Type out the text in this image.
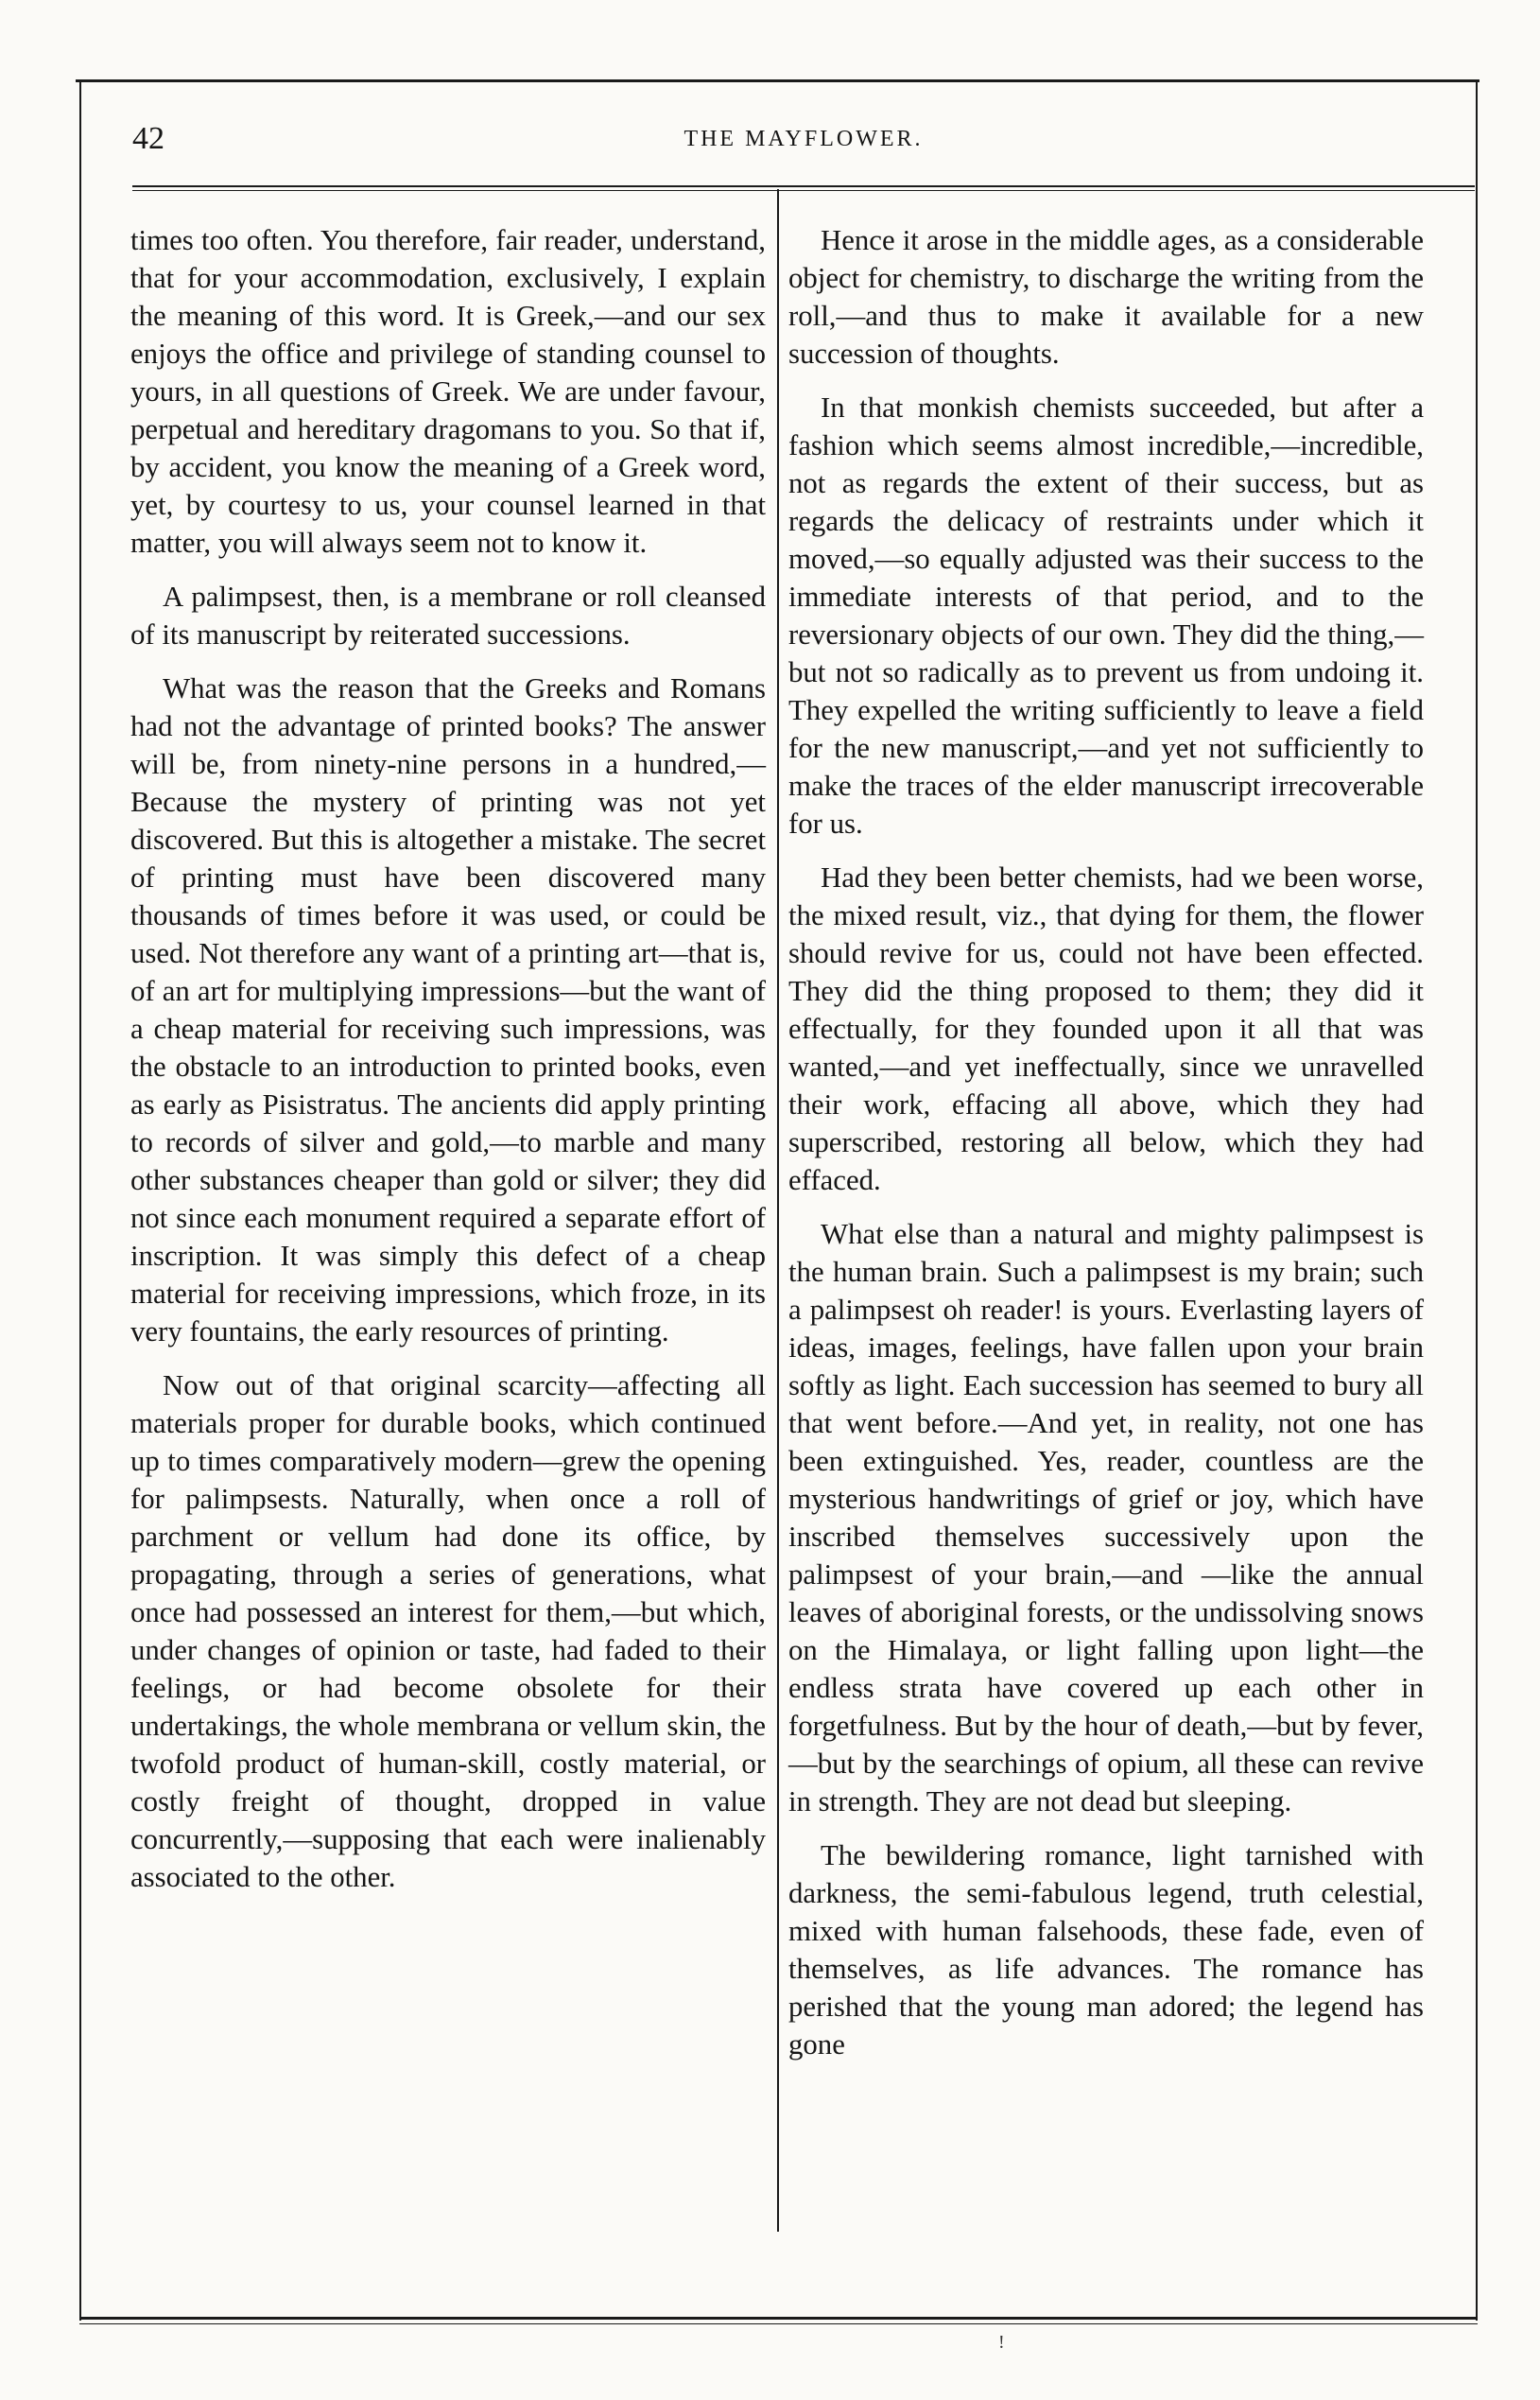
42	THE MAYFLOWER.

times too often. You therefore, fair reader, understand, that for your accommodation, exclusively, I explain the meaning of this word. It is Greek,—and our sex enjoys the office and privilege of standing counsel to yours, in all questions of Greek. We are under favour, perpetual and hereditary dragomans to you. So that if, by accident, you know the meaning of a Greek word, yet, by courtesy to us, your counsel learned in that matter, you will always seem not to know it.

A palimpsest, then, is a membrane or roll cleansed of its manuscript by reiterated successions.

What was the reason that the Greeks and Romans had not the advantage of printed books? The answer will be, from ninety-nine persons in a hundred,—Because the mystery of printing was not yet discovered. But this is altogether a mistake. The secret of printing must have been discovered many thousands of times before it was used, or could be used. Not therefore any want of a printing art—that is, of an art for multiplying impressions—but the want of a cheap material for receiving such impressions, was the obstacle to an introduction to printed books, even as early as Pisistratus. The ancients did apply printing to records of silver and gold,—to marble and many other substances cheaper than gold or silver; they did not since each monument required a separate effort of inscription. It was simply this defect of a cheap material for receiving impressions, which froze, in its very fountains, the early resources of printing.

Now out of that original scarcity—affecting all materials proper for durable books, which continued up to times comparatively modern—grew the opening for palimpsests. Naturally, when once a roll of parchment or vellum had done its office, by propagating, through a series of generations, what once had possessed an interest for them,—but which, under changes of opinion or taste, had faded to their feelings, or had become obsolete for their undertakings, the whole membrana or vellum skin, the twofold product of human-skill, costly material, or costly freight of thought, dropped in value concurrently,—supposing that each were inalienably associated to the other.

Hence it arose in the middle ages, as a considerable object for chemistry, to discharge the writing from the roll,—and thus to make it available for a new succession of thoughts.

In that monkish chemists succeeded, but after a fashion which seems almost incredible,—incredible, not as regards the extent of their success, but as regards the delicacy of restraints under which it moved,—so equally adjusted was their success to the immediate interests of that period, and to the reversionary objects of our own. They did the thing,—but not so radically as to prevent us from undoing it. They expelled the writing sufficiently to leave a field for the new manuscript,—and yet not sufficiently to make the traces of the elder manuscript irrecoverable for us.

Had they been better chemists, had we been worse, the mixed result, viz., that dying for them, the flower should revive for us, could not have been effected. They did the thing proposed to them; they did it effectually, for they founded upon it all that was wanted,—and yet ineffectually, since we unravelled their work, effacing all above, which they had superscribed, restoring all below, which they had effaced.

What else than a natural and mighty palimpsest is the human brain. Such a palimpsest is my brain; such a palimpsest oh reader! is yours. Everlasting layers of ideas, images, feelings, have fallen upon your brain softly as light. Each succession has seemed to bury all that went before.—And yet, in reality, not one has been extinguished. Yes, reader, countless are the mysterious handwritings of grief or joy, which have inscribed themselves successively upon the palimpsest of your brain,—and —like the annual leaves of aboriginal forests, or the undissolving snows on the Himalaya, or light falling upon light—the endless strata have covered up each other in forgetfulness. But by the hour of death,—but by fever,—but by the searchings of opium, all these can revive in strength. They are not dead but sleeping.

The bewildering romance, light tarnished with darkness, the semi-fabulous legend, truth celestial, mixed with human falsehoods, these fade, even of themselves, as life advances. The romance has perished that the young man adored; the legend has gone

!
